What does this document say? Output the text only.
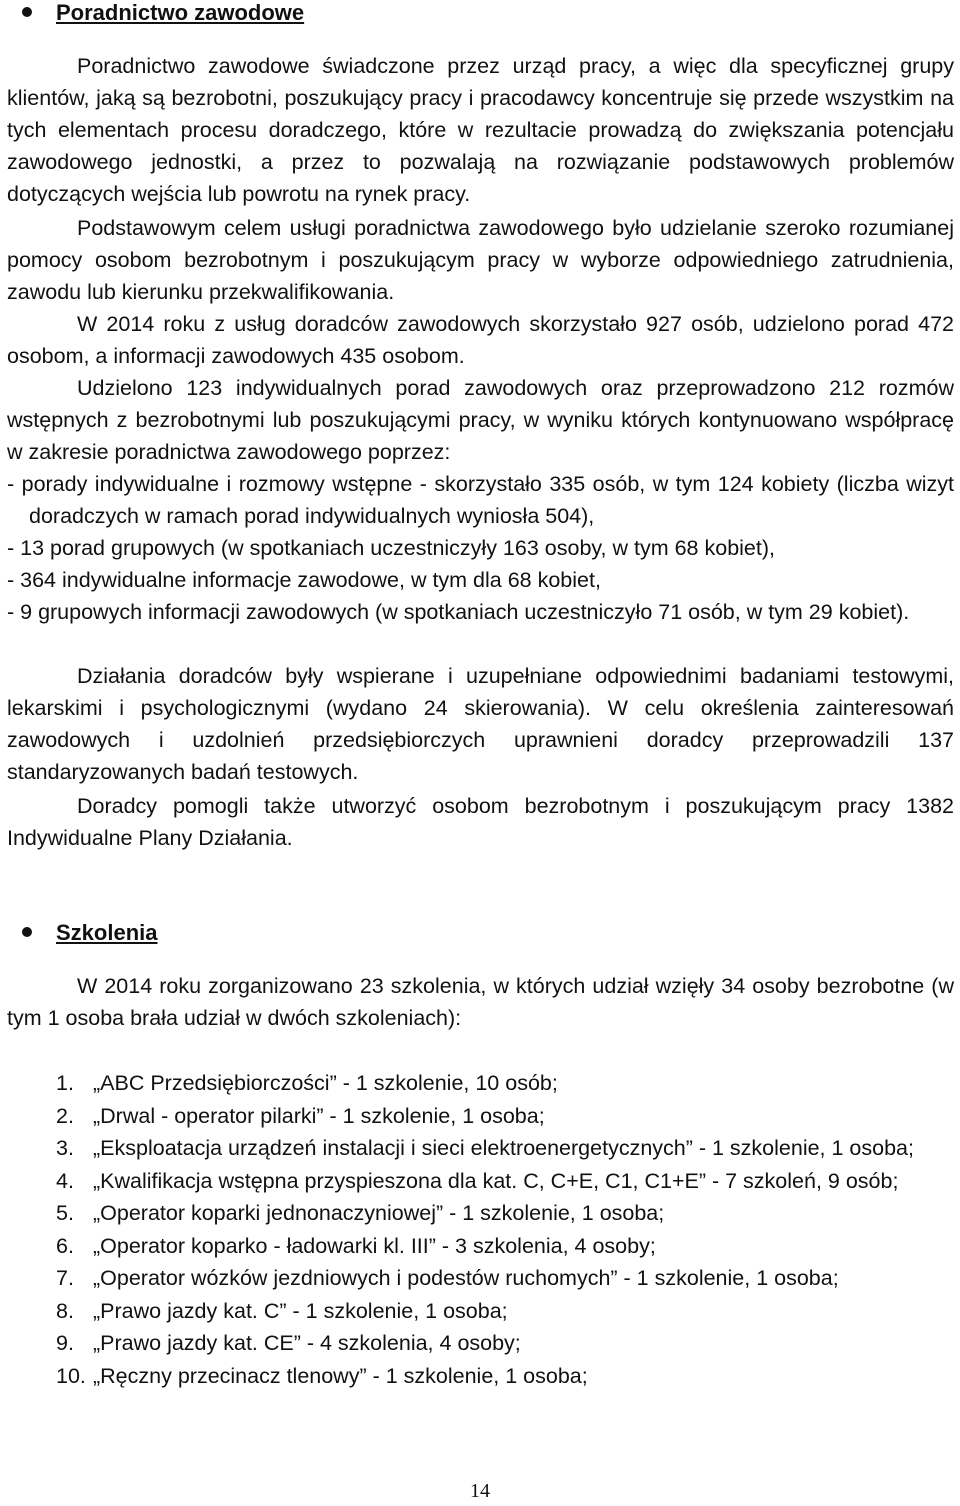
Poradnictwo zawodowe

Poradnictwo zawodowe świadczone przez urząd pracy, a więc dla specyficznej grupy klientów, jaką są bezrobotni, poszukujący pracy i pracodawcy koncentruje się przede wszystkim na tych elementach procesu doradczego, które w rezultacie prowadzą do zwiększania potencjału zawodowego jednostki, a przez to pozwalają na rozwiązanie podstawowych problemów dotyczących wejścia lub powrotu na rynek pracy.

Podstawowym celem usługi poradnictwa zawodowego było udzielanie szeroko rozumianej pomocy osobom bezrobotnym i poszukującym pracy w wyborze odpowiedniego zatrudnienia, zawodu lub kierunku przekwalifikowania.

W 2014 roku z usług doradców zawodowych skorzystało 927 osób, udzielono porad 472 osobom, a informacji zawodowych 435 osobom.

Udzielono 123 indywidualnych porad zawodowych oraz przeprowadzono 212 rozmów wstępnych z bezrobotnymi lub poszukującymi pracy, w wyniku których kontynuowano współpracę w zakresie poradnictwa zawodowego poprzez:

- porady indywidualne i rozmowy wstępne - skorzystało 335 osób, w tym 124 kobiety (liczba wizyt doradczych w ramach porad indywidualnych wyniosła 504),

- 13 porad grupowych (w spotkaniach uczestniczyły 163 osoby, w tym 68 kobiet),

- 364 indywidualne informacje zawodowe, w tym dla 68 kobiet,

- 9 grupowych informacji zawodowych (w spotkaniach uczestniczyło 71 osób, w tym 29 kobiet).

Działania doradców były wspierane i uzupełniane odpowiednimi badaniami testowymi, lekarskimi i psychologicznymi (wydano 24 skierowania). W celu określenia zainteresowań zawodowych i uzdolnień przedsiębiorczych uprawnieni doradcy przeprowadzili 137 standaryzowanych badań testowych.

Doradcy pomogli także utworzyć osobom bezrobotnym i poszukującym pracy 1382 Indywidualne Plany Działania.

Szkolenia

W 2014 roku zorganizowano 23 szkolenia, w których udział wzięły 34 osoby bezrobotne (w tym 1 osoba brała udział w dwóch szkoleniach):

1. „ABC Przedsiębiorczości” - 1 szkolenie, 10 osób;
2. „Drwal - operator pilarki” - 1 szkolenie, 1 osoba;
3. „Eksploatacja urządzeń instalacji i sieci elektroenergetycznych” - 1 szkolenie, 1 osoba;
4. „Kwalifikacja wstępna przyspieszona dla kat. C, C+E, C1, C1+E” - 7 szkoleń, 9 osób;
5. „Operator koparki jednonaczyniowej” - 1 szkolenie, 1 osoba;
6. „Operator koparko - ładowarki kl. III” - 3 szkolenia, 4 osoby;
7. „Operator wózków jezdniowych i podestów ruchomych” - 1 szkolenie, 1 osoba;
8. „Prawo jazdy kat. C” - 1 szkolenie, 1 osoba;
9. „Prawo jazdy kat. CE” - 4 szkolenia, 4 osoby;
10. „Ręczny przecinacz tlenowy” - 1 szkolenie, 1 osoba;
14
